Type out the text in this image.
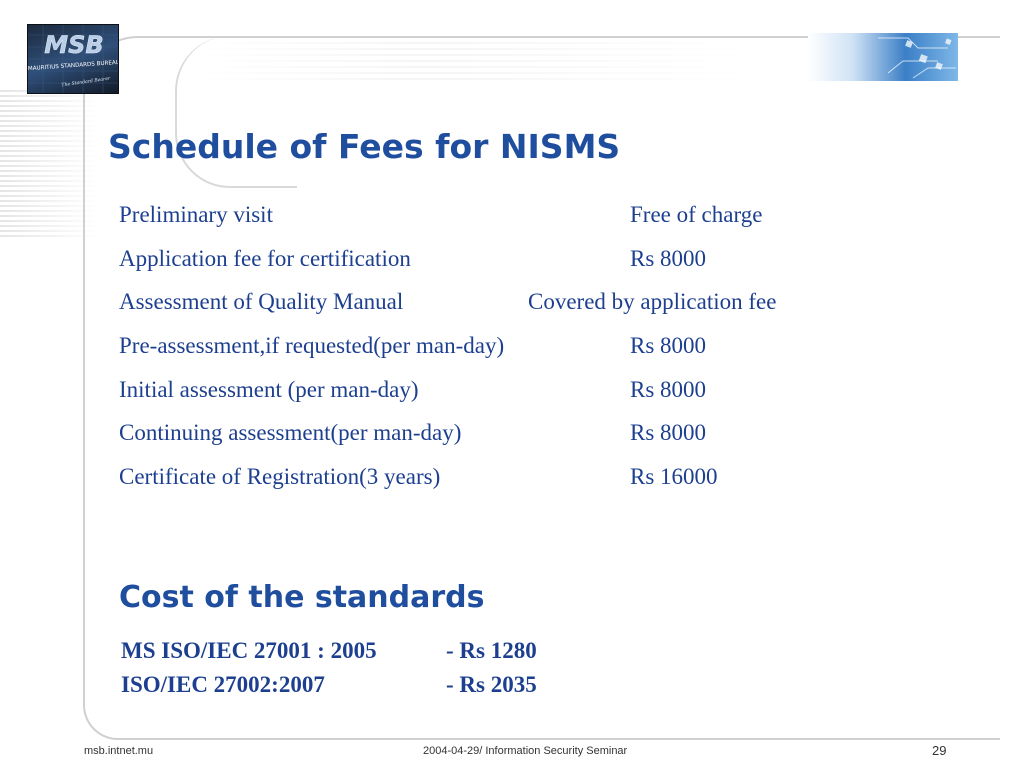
MSB
MAURITIUS STANDARDS BUREAU
The Standard Bearer
Schedule of Fees for NISMS
Preliminary visit	Free of charge
Application fee for certification	Rs 8000
Assessment of Quality Manual	Covered by application fee
Pre-assessment,if requested(per man-day)	Rs 8000
Initial assessment (per man-day)	Rs 8000
Continuing assessment(per man-day)	Rs 8000
Certificate of Registration(3 years)	Rs 16000
Cost of the standards
MS ISO/IEC 27001 : 2005	- Rs 1280
ISO/IEC 27002:2007	- Rs 2035
msb.intnet.mu	2004-04-29/ Information Security Seminar	29
